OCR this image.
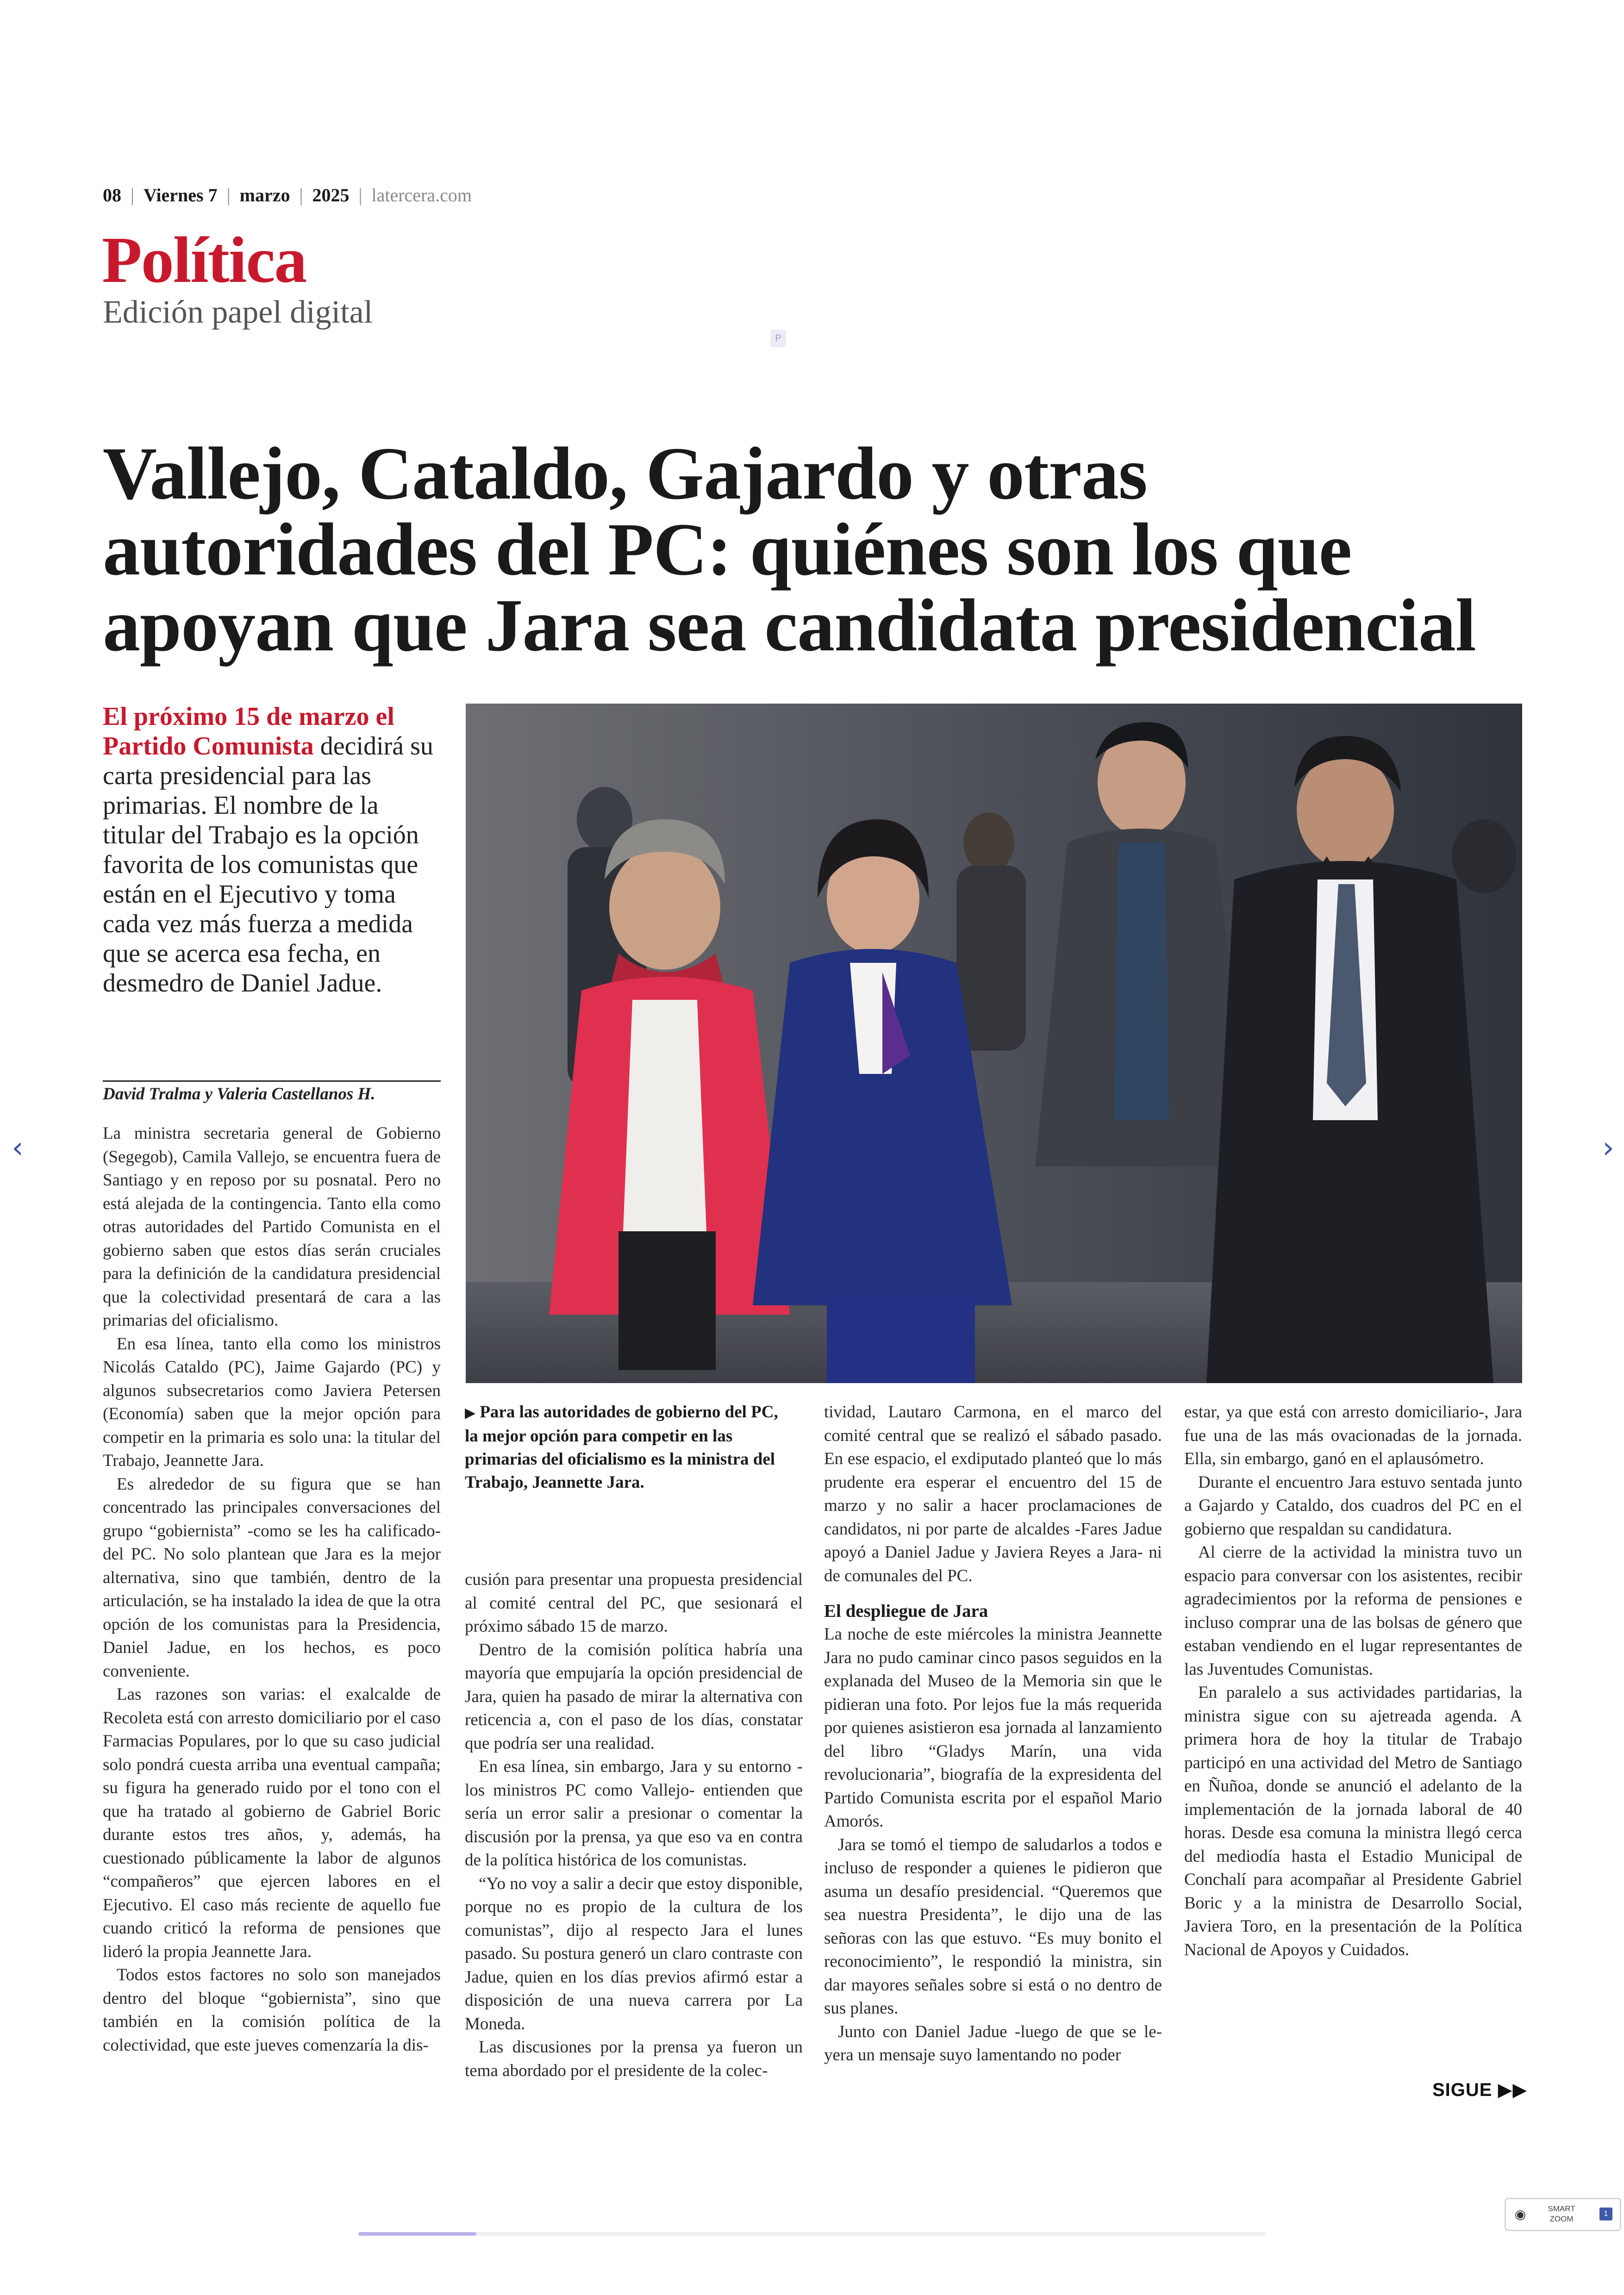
08 | Viernes 7 | marzo | 2025 | latercera.com
Política
Edición papel digital
P
Vallejo, Cataldo, Gajardo y otras autoridades del PC: quiénes son los que apoyan que Jara sea candidata presidencial
El próximo 15 de marzo el Partido Comunista decidirá su carta presidencial para las primarias. El nombre de la titular del Trabajo es la opción favorita de los comunistas que están en el Ejecutivo y toma cada vez más fuerza a medida que se acerca esa fecha, en desmedro de Daniel Jadue.
David Tralma y Valeria Castellanos H.
▶ Para las autoridades de gobierno del PC, la mejor opción para competir en las primarias del oficialismo es la ministra del Trabajo, Jeannette Jara.

La ministra secretaria general de Gobierno (Segegob), Camila Vallejo, se encuentra fuera de Santiago y en reposo por su posnatal. Pero no está alejada de la contingencia. Tanto ella como otras autoridades del Partido Comunista en el gobierno saben que estos días serán cruciales para la definición de la candidatura presidencial que la colectividad presentará de cara a las primarias del oficialismo.

En esa línea, tanto ella como los ministros Nicolás Cataldo (PC), Jaime Gajardo (PC) y algunos subsecretarios como Javiera Petersen (Economía) saben que la mejor opción para competir en la primaria es solo una: la titular del Trabajo, Jeannette Jara.

Es alrededor de su figura que se han concentrado las principales conversaciones del grupo “gobiernista” -como se les ha calificado- del PC. No solo plantean que Jara es la mejor alternativa, sino que también, dentro de la articulación, se ha instalado la idea de que la otra opción de los comunistas para la Presidencia, Daniel Jadue, en los hechos, es poco conveniente.

Las razones son varias: el exalcalde de Recoleta está con arresto domiciliario por el caso Farmacias Populares, por lo que su caso judicial solo pondrá cuesta arriba una eventual campaña; su figura ha generado ruido por el tono con el que ha tratado al gobierno de Gabriel Boric durante estos tres años, y, además, ha cuestionado públicamente la labor de algunos “compañeros” que ejercen labores en el Ejecutivo. El caso más reciente de aquello fue cuando criticó la reforma de pensiones que lideró la propia Jeannette Jara.

Todos estos factores no solo son manejados dentro del bloque “gobiernista”, sino que también en la comisión política de la colectividad, que este jueves comenzaría la dis-

cusión para presentar una propuesta presidencial al comité central del PC, que sesionará el próximo sábado 15 de marzo.

Dentro de la comisión política habría una mayoría que empujaría la opción presidencial de Jara, quien ha pasado de mirar la alternativa con reticencia a, con el paso de los días, constatar que podría ser una realidad.

En esa línea, sin embargo, Jara y su entorno -los ministros PC como Vallejo- entienden que sería un error salir a presionar o comentar la discusión por la prensa, ya que eso va en contra de la política histórica de los comunistas.

“Yo no voy a salir a decir que estoy disponible, porque no es propio de la cultura de los comunistas”, dijo al respecto Jara el lunes pasado. Su postura generó un claro contraste con Jadue, quien en los días previos afirmó estar a disposición de una nueva carrera por La Moneda.

Las discusiones por la prensa ya fueron un tema abordado por el presidente de la colec-

tividad, Lautaro Carmona, en el marco del comité central que se realizó el sábado pasado. En ese espacio, el exdiputado planteó que lo más prudente era esperar el encuentro del 15 de marzo y no salir a hacer proclamaciones de candidatos, ni por parte de alcaldes -Fares Jadue apoyó a Daniel Jadue y Javiera Reyes a Jara- ni de comunales del PC.

El despliegue de Jara

La noche de este miércoles la ministra Jeannette Jara no pudo caminar cinco pasos seguidos en la explanada del Museo de la Memoria sin que le pidieran una foto. Por lejos fue la más requerida por quienes asistieron esa jornada al lanzamiento del libro “Gladys Marín, una vida revolucionaria”, biografía de la expresidenta del Partido Comunista escrita por el español Mario Amorós.

Jara se tomó el tiempo de saludarlos a todos e incluso de responder a quienes le pidieron que asuma un desafío presidencial. “Queremos que sea nuestra Presidenta”, le dijo una de las señoras con las que estuvo. “Es muy bonito el reconocimiento”, le respondió la ministra, sin dar mayores señales sobre si está o no dentro de sus planes.

Junto con Daniel Jadue -luego de que se le-yera un mensaje suyo lamentando no poder

estar, ya que está con arresto domiciliario-, Jara fue una de las más ovacionadas de la jornada. Ella, sin embargo, ganó en el aplausómetro.

Durante el encuentro Jara estuvo sentada junto a Gajardo y Cataldo, dos cuadros del PC en el gobierno que respaldan su candidatura.

Al cierre de la actividad la ministra tuvo un espacio para conversar con los asistentes, recibir agradecimientos por la reforma de pensiones e incluso comprar una de las bolsas de género que estaban vendiendo en el lugar representantes de las Juventudes Comunistas.

En paralelo a sus actividades partidarias, la ministra sigue con su ajetreada agenda. A primera hora de hoy la titular de Trabajo participó en una actividad del Metro de Santiago en Ñuñoa, donde se anunció el adelanto de la implementación de la jornada laboral de 40 horas. Desde esa comuna la ministra llegó cerca del mediodía hasta el Estadio Municipal de Conchalí para acompañar al Presidente Gabriel Boric y a la ministra de Desarrollo Social, Javiera Toro, en la presentación de la Política Nacional de Apoyos y Cuidados.

SIGUE ▶▶
‹	›
◉	SMART
ZOOM
1
